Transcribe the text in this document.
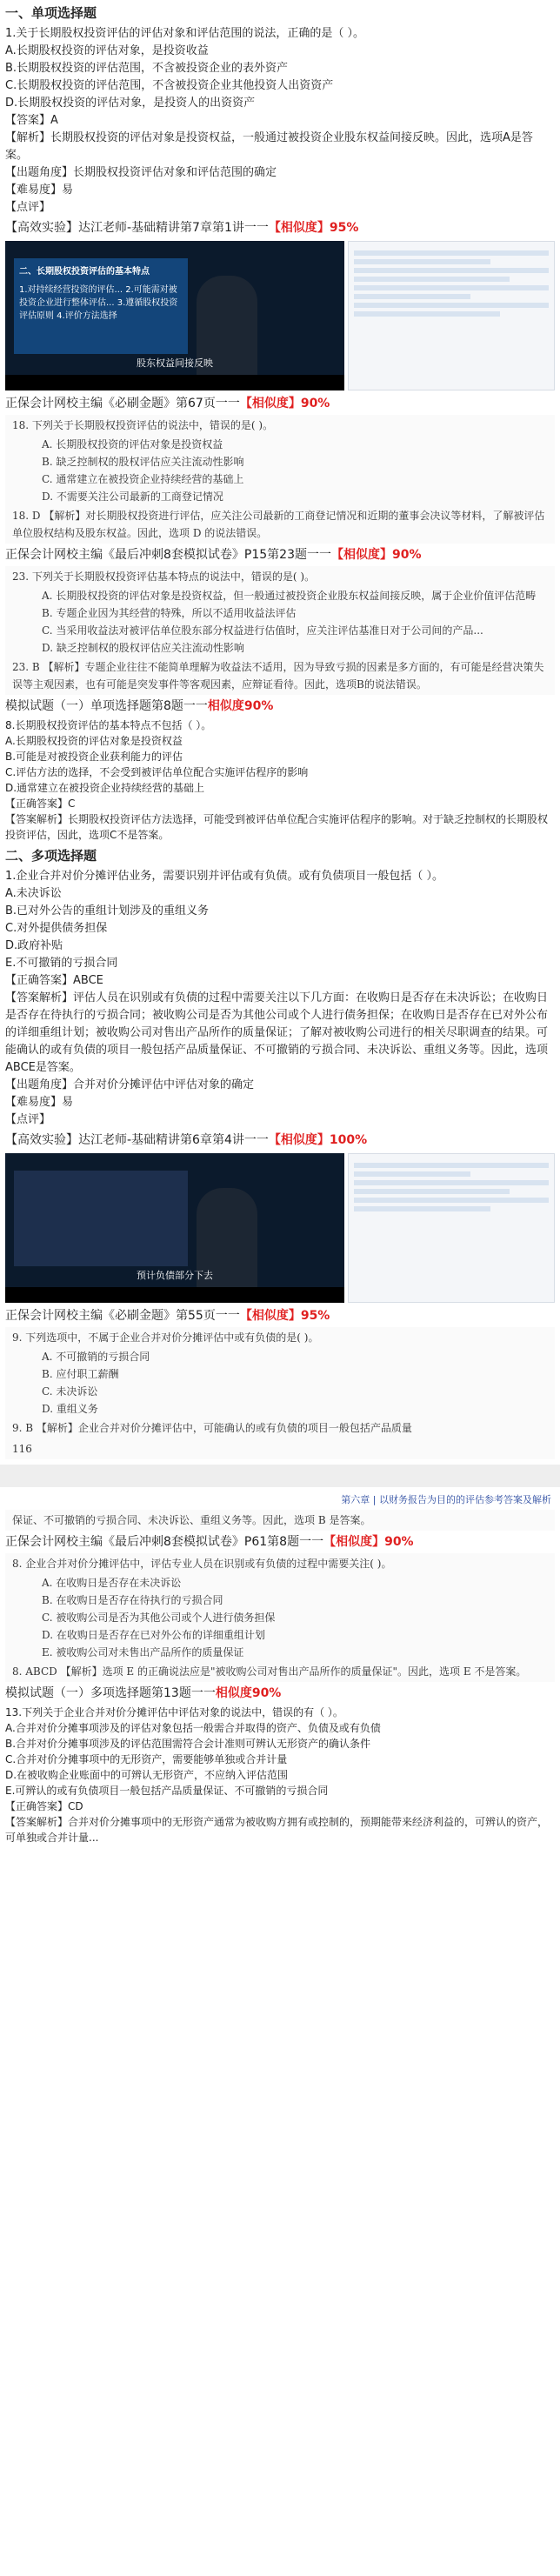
一、单项选择题
1.关于长期股权投资评估的评估对象和评估范围的说法，正确的是（ ）。
A.长期股权投资的评估对象，是投资收益
B.长期股权投资的评估范围，不含被投资企业的表外资产
C.长期股权投资的评估范围，不含被投资企业其他投资人出资资产
D.长期股权投资的评估对象，是投资人的出资资产
【答案】A
【解析】长期股权投资的评估对象是投资权益，一般通过被投资企业股东权益间接反映。因此，选项A是答案。
【出题角度】长期股权投资评估对象和评估范围的确定
【难易度】易
【点评】
【高效实验】达江老师-基础精讲第7章第1讲一一【相似度】95%
二、长期股权投资评估的基本特点
1.对持续经营投资的评估... 2.可能需对被投资企业进行整体评估... 3.遵循股权投资评估原则 4.评价方法选择
股东权益间接反映
正保会计网校主编《必刷金题》第67页一一【相似度】90%
18. 下列关于长期股权投资评估的说法中，错误的是( )。
A. 长期股权投资的评估对象是投资权益
B. 缺乏控制权的股权评估应关注流动性影响
C. 通常建立在被投资企业持续经营的基础上
D. 不需要关注公司最新的工商登记情况
18. D 【解析】对长期股权投资进行评估，应关注公司最新的工商登记情况和近期的董事会决议等材料，了解被评估单位股权结构及股东权益。因此，选项 D 的说法错误。
正保会计网校主编《最后冲刺8套模拟试卷》P15第23题一一【相似度】90%
23. 下列关于长期股权投资评估基本特点的说法中，错误的是( )。
A. 长期股权投资的评估对象是投资权益，但一般通过被投资企业股东权益间接反映，属于企业价值评估范畴
B. 专题企业因为其经营的特殊，所以不适用收益法评估
C. 当采用收益法对被评估单位股东部分权益进行估值时，应关注评估基准日对于公司间的产品...
D. 缺乏控制权的股权评估应关注流动性影响
23. B 【解析】专题企业往往不能简单理解为收益法不适用，因为导致亏损的因素是多方面的，有可能是经营决策失误等主观因素，也有可能是突发事件等客观因素，应辩证看待。因此，选项B的说法错误。
模拟试题（一）单项选择题第8题一一相似度90%
8.长期股权投资评估的基本特点不包括（ ）。
A.长期股权投资的评估对象是投资权益
B.可能是对被投资企业获利能力的评估
C.评估方法的选择，不会受到被评估单位配合实施评估程序的影响
D.通常建立在被投资企业持续经营的基础上
【正确答案】C
【答案解析】长期股权投资评估方法选择，可能受到被评估单位配合实施评估程序的影响。对于缺乏控制权的长期股权投资评估，因此，选项C不是答案。
二、多项选择题
1.企业合并对价分摊评估业务，需要识别并评估或有负债。或有负债项目一般包括（ ）。
A.未决诉讼
B.已对外公告的重组计划涉及的重组义务
C.对外提供债务担保
D.政府补贴
E.不可撤销的亏损合同
【正确答案】ABCE
【答案解析】评估人员在识别或有负债的过程中需要关注以下几方面：在收购日是否存在未决诉讼；在收购日是否存在待执行的亏损合同；被收购公司是否为其他公司或个人进行债务担保；在收购日是否存在已对外公布的详细重组计划；被收购公司对售出产品所作的质量保证；了解对被收购公司进行的相关尽职调查的结果。可能确认的或有负债的项目一般包括产品质量保证、不可撤销的亏损合同、未决诉讼、重组义务等。因此，选项ABCE是答案。
【出题角度】合并对价分摊评估中评估对象的确定
【难易度】易
【点评】
【高效实验】达江老师-基础精讲第6章第4讲一一【相似度】100%
预计负债部分下去
正保会计网校主编《必刷金题》第55页一一【相似度】95%
9. 下列选项中，不属于企业合并对价分摊评估中或有负债的是( )。
A. 不可撤销的亏损合同
B. 应付职工薪酬
C. 未决诉讼
D. 重组义务
9. B 【解析】企业合并对价分摊评估中，可能确认的或有负债的项目一般包括产品质量
116
第六章 | 以财务报告为目的的评估参考答案及解析
保证、不可撤销的亏损合同、未决诉讼、重组义务等。因此，选项 B 是答案。
正保会计网校主编《最后冲刺8套模拟试卷》P61第8题一一【相似度】90%
8. 企业合并对价分摊评估中，评估专业人员在识别或有负债的过程中需要关注( )。
A. 在收购日是否存在未决诉讼
B. 在收购日是否存在待执行的亏损合同
C. 被收购公司是否为其他公司或个人进行债务担保
D. 在收购日是否存在已对外公布的详细重组计划
E. 被收购公司对未售出产品所作的质量保证
8. ABCD 【解析】选项 E 的正确说法应是"被收购公司对售出产品所作的质量保证"。因此，选项 E 不是答案。
模拟试题（一）多项选择题第13题一一相似度90%
13.下列关于企业合并对价分摊评估中评估对象的说法中，错误的有（ ）。
A.合并对价分摊事项涉及的评估对象包括一般需合并取得的资产、负债及或有负债
B.合并对价分摊事项涉及的评估范围需符合会计准则可辨认无形资产的确认条件
C.合并对价分摊事项中的无形资产，需要能够单独或合并计量
D.在被收购企业账面中的可辨认无形资产，不应纳入评估范围
E.可辨认的或有负债项目一般包括产品质量保证、不可撤销的亏损合同
【正确答案】CD
【答案解析】合并对价分摊事项中的无形资产通常为被收购方拥有或控制的，预期能带来经济利益的，可辨认的资产，可单独或合并计量...
